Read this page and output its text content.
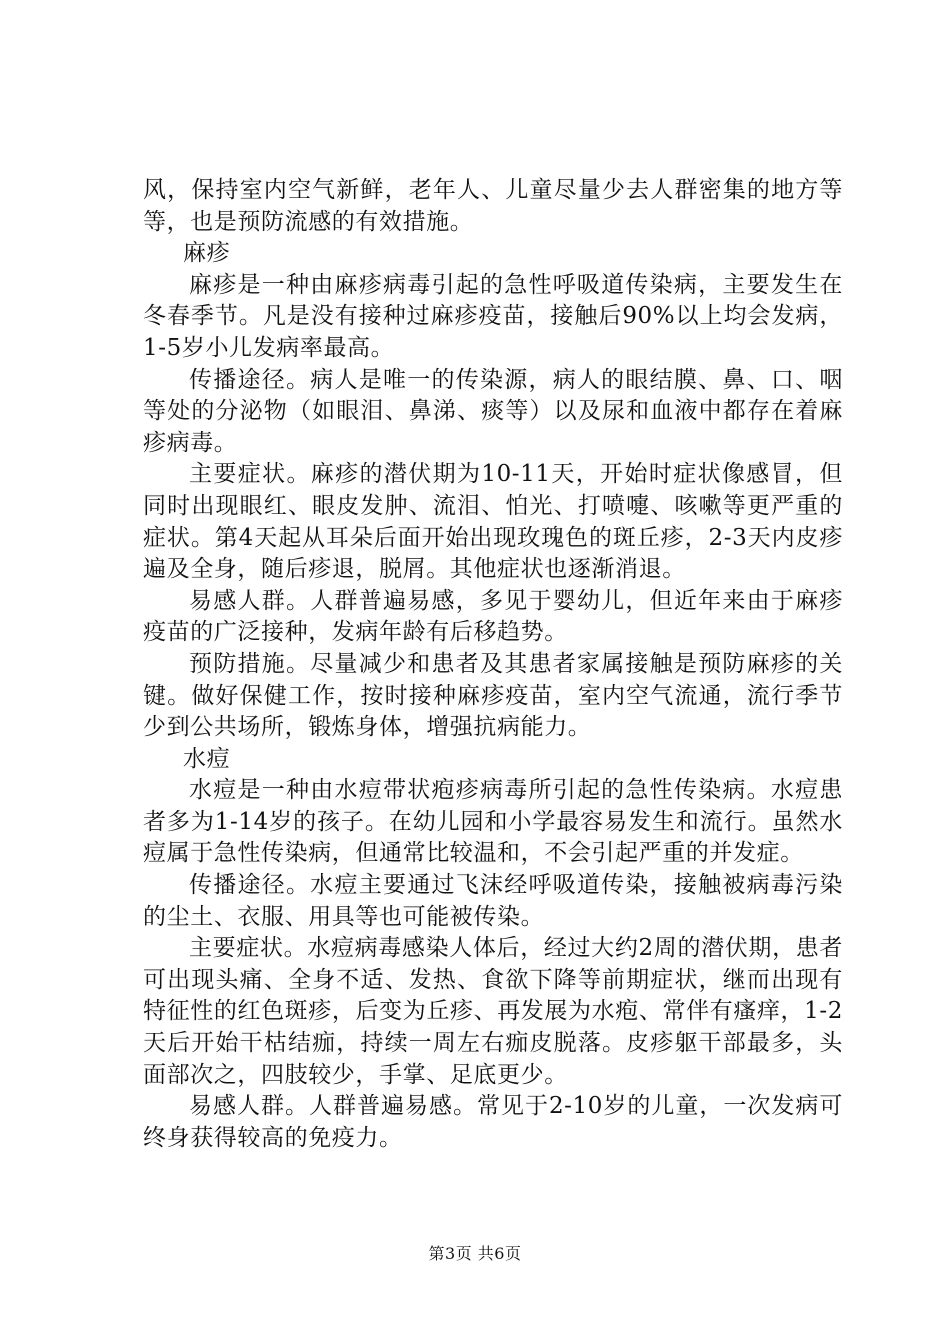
风，保持室内空气新鲜，老年人、儿童尽量少去人群密集的地方等等，也是预防流感的有效措施。

麻疹

麻疹是一种由麻疹病毒引起的急性呼吸道传染病，主要发生在冬春季节。凡是没有接种过麻疹疫苗，接触后90%以上均会发病，1-5岁小儿发病率最高。

传播途径。病人是唯一的传染源，病人的眼结膜、鼻、口、咽等处的分泌物（如眼泪、鼻涕、痰等）以及尿和血液中都存在着麻疹病毒。

主要症状。麻疹的潜伏期为10-11天，开始时症状像感冒，但同时出现眼红、眼皮发肿、流泪、怕光、打喷嚏、咳嗽等更严重的症状。第4天起从耳朵后面开始出现玫瑰色的斑丘疹，2-3天内皮疹遍及全身，随后疹退，脱屑。其他症状也逐渐消退。

易感人群。人群普遍易感，多见于婴幼儿，但近年来由于麻疹疫苗的广泛接种，发病年龄有后移趋势。

预防措施。尽量减少和患者及其患者家属接触是预防麻疹的关键。做好保健工作，按时接种麻疹疫苗，室内空气流通，流行季节少到公共场所，锻炼身体，增强抗病能力。

水痘

水痘是一种由水痘带状疱疹病毒所引起的急性传染病。水痘患者多为1-14岁的孩子。在幼儿园和小学最容易发生和流行。虽然水痘属于急性传染病，但通常比较温和，不会引起严重的并发症。

传播途径。水痘主要通过飞沫经呼吸道传染，接触被病毒污染的尘土、衣服、用具等也可能被传染。

主要症状。水痘病毒感染人体后，经过大约2周的潜伏期，患者可出现头痛、全身不适、发热、食欲下降等前期症状，继而出现有特征性的红色斑疹，后变为丘疹、再发展为水疱、常伴有瘙痒，1-2天后开始干枯结痂，持续一周左右痂皮脱落。皮疹躯干部最多，头面部次之，四肢较少，手掌、足底更少。

易感人群。人群普遍易感。常见于2-10岁的儿童，一次发病可终身获得较高的免疫力。

第3页 共6页
